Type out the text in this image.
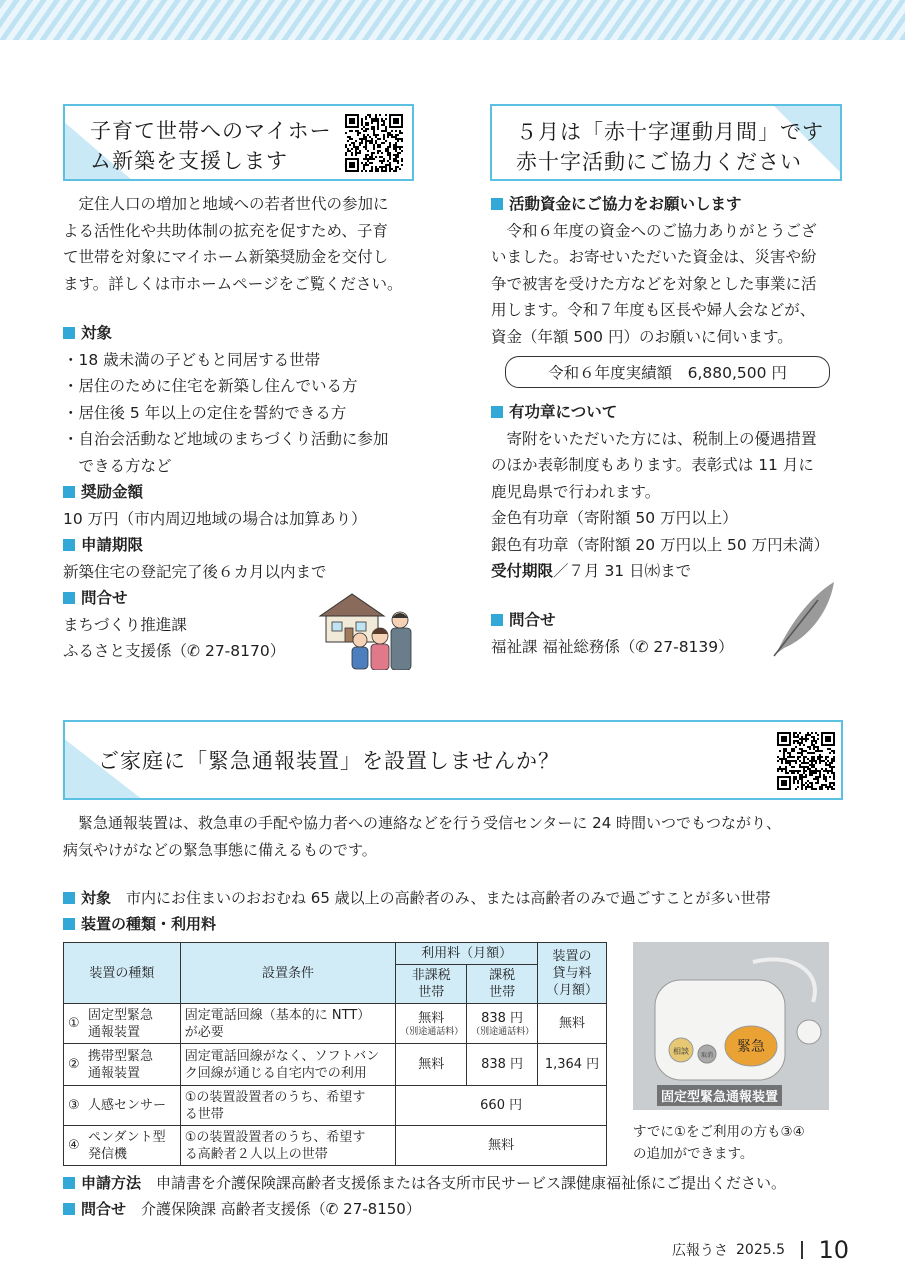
子育て世帯へのマイホー
ム新築を支援します
　定住人口の増加と地域への若者世代の参加に
よる活性化や共助体制の拡充を促すため、子育
て世帯を対象にマイホーム新築奨励金を交付し
ます。詳しくは市ホームページをご覧ください。
対象
・18 歳未満の子どもと同居する世帯
・居住のために住宅を新築し住んでいる方
・居住後 5 年以上の定住を誓約できる方
・自治会活動など地域のまちづくり活動に参加
　できる方など
奨励金額
10 万円（市内周辺地域の場合は加算あり）
申請期限
新築住宅の登記完了後６カ月以内まで
問合せ
まちづくり推進課
ふるさと支援係（✆ 27-8170）
５月は「赤十字運動月間」です
赤十字活動にご協力ください
活動資金にご協力をお願いします
　令和６年度の資金へのご協力ありがとうござ
いました。お寄せいただいた資金は、災害や紛
争で被害を受けた方などを対象とした事業に活
用します。令和７年度も区長や婦人会などが、
資金（年額 500 円）のお願いに伺います。
令和６年度実績額　6,880,500 円
有功章について
　寄附をいただいた方には、税制上の優遇措置
のほか表彰制度もあります。表彰式は 11 月に
鹿児島県で行われます。
金色有功章（寄附額 50 万円以上）
銀色有功章（寄附額 20 万円以上 50 万円未満）
受付期限／７月 31 日㈬まで
問合せ
福祉課 福祉総務係（✆ 27-8139）
ご家庭に「緊急通報装置」を設置しませんか？
　緊急通報装置は、救急車の手配や協力者への連絡などを行う受信センターに 24 時間いつでもつながり、
病気やけがなどの緊急事態に備えるものです。
対象　市内にお住まいのおおむね 65 歳以上の高齢者のみ、または高齢者のみで過ごすことが多い世帯
装置の種類・利用料
装置の種類	設置条件	利用料（月額）		装置の
貸与料
（月額）
		非課税
世帯	課税
世帯	

①
固定型緊急
通報装置	固定電話回線（基本的に NTT）
が必要	無料
（別途通話料）	838 円
（別途通話料）	無料

②
携帯型緊急
通報装置	固定電話回線がなく、ソフトバン
ク回線が通じる自宅内での利用	無料	838 円	1,364 円

③ 人感センサー	①の装置設置者のうち、希望す
る世帯	660 円		

④
ペンダント型
発信機	①の装置設置者のうち、希望す
る高齢者２人以上の世帯	無料		
相談 取消
緊急
固定型緊急通報装置
すでに①をご利用の方も③④
の追加ができます。
申請方法　申請書を介護保険課高齢者支援係または各支所市民サービス課健康福祉係にご提出ください。
問合せ　介護保険課 高齢者支援係（✆ 27-8150）
広報うさ 2025.5 10
